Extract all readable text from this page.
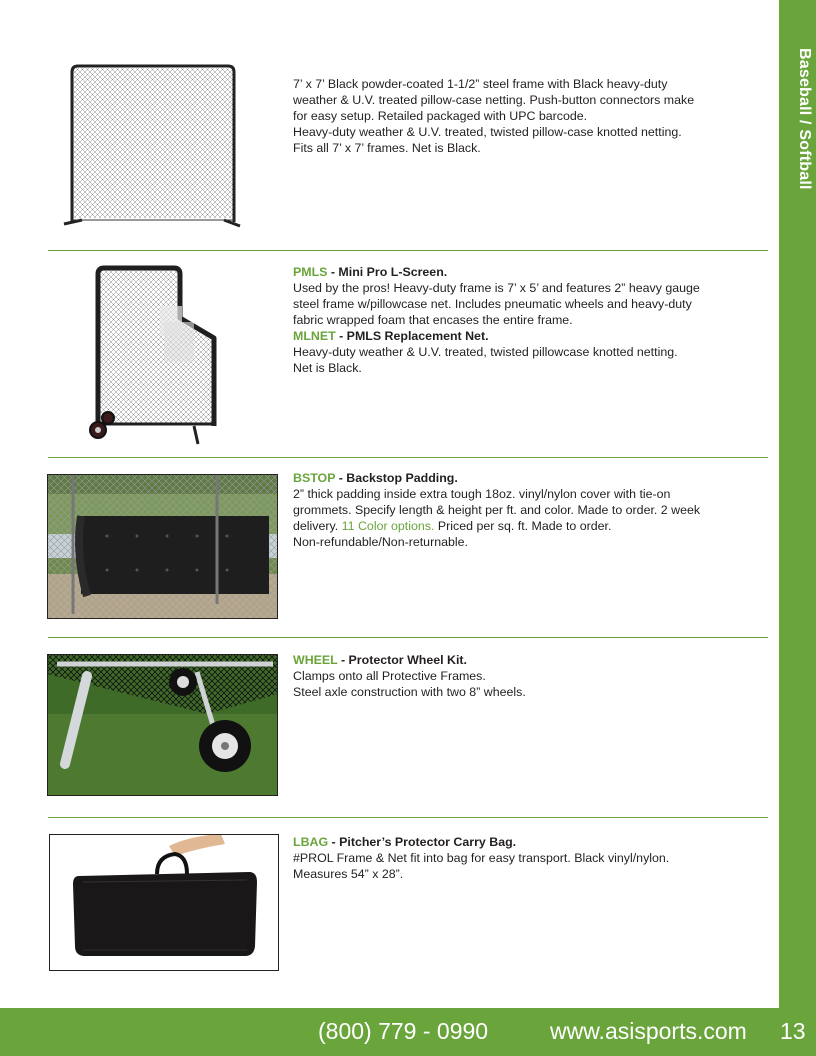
Baseball / Softball
7’ x 7’ Black powder-coated 1-1/2” steel frame with Black heavy-duty
weather & U.V. treated pillow-case netting. Push-button connectors make
for easy setup. Retailed packaged with UPC barcode.
Heavy-duty weather & U.V. treated, twisted pillow-case knotted netting.
Fits all 7’ x 7’ frames. Net is Black.
PMLS - Mini Pro L-Screen.
Used by the pros! Heavy-duty frame is 7’ x 5’ and features 2” heavy gauge
steel frame w/pillowcase net. Includes pneumatic wheels and heavy-duty
fabric wrapped foam that encases the entire frame.
MLNET - PMLS Replacement Net.
Heavy-duty weather & U.V. treated, twisted pillowcase knotted netting.
Net is Black.
BSTOP - Backstop Padding.
2” thick padding inside extra tough 18oz. vinyl/nylon cover with tie-on
grommets. Specify length & height per ft. and color. Made to order. 2 week
delivery. 11 Color options. Priced per sq. ft. Made to order.
Non-refundable/Non-returnable.
WHEEL - Protector Wheel Kit.
Clamps onto all Protective Frames.
Steel axle construction with two 8” wheels.
LBAG - Pitcher’s Protector Carry Bag.
#PROL Frame & Net fit into bag for easy transport. Black vinyl/nylon.
Measures 54” x 28”.
(800) 779 - 0990	www.asisports.com 13
